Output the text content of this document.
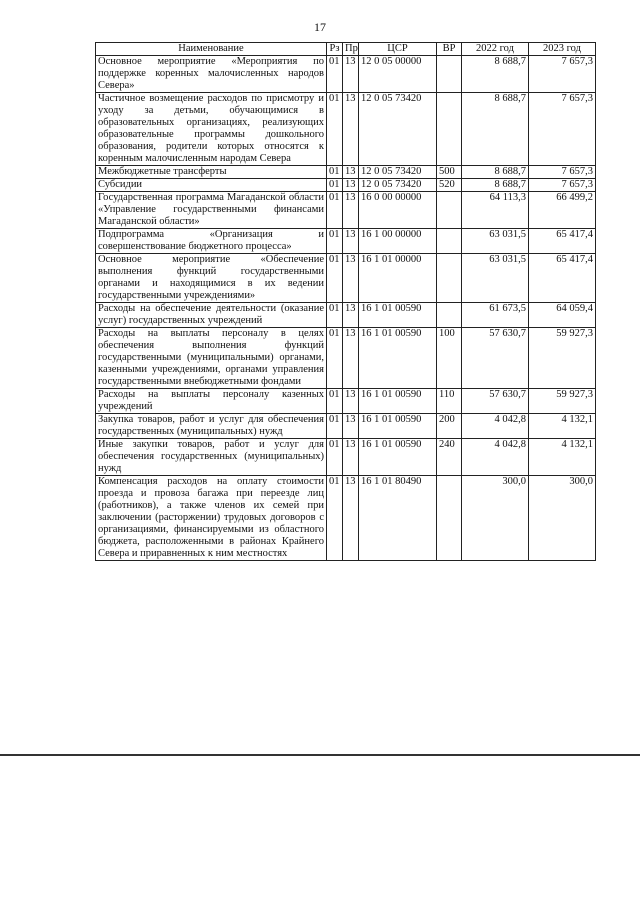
17
Наименование	Рз	Пр	ЦСР	ВР	2022 год	2023 год
Основное мероприятие «Мероприятия по поддержке коренных малочисленных народов Севера»	01	13	12 0 05 00000		8 688,7	7 657,3
Частичное возмещение расходов по присмотру и уходу за детьми, обучающимися в образовательных организациях, реализующих образовательные программы дошкольного образования, родители которых относятся к коренным малочисленным народам Севера	01	13	12 0 05 73420		8 688,7	7 657,3
Межбюджетные трансферты	01	13	12 0 05 73420	500	8 688,7	7 657,3
Субсидии	01	13	12 0 05 73420	520	8 688,7	7 657,3
Государственная программа Магаданской области «Управление государственными финансами Магаданской области»	01	13	16 0 00 00000		64 113,3	66 499,2
Подпрограмма «Организация и совершенствование бюджетного процесса»	01	13	16 1 00 00000		63 031,5	65 417,4
Основное мероприятие «Обеспечение выполнения функций государственными органами и находящимися в их ведении государственными учреждениями»	01	13	16 1 01 00000		63 031,5	65 417,4
Расходы на обеспечение деятельности (оказание услуг) государственных учреждений	01	13	16 1 01 00590		61 673,5	64 059,4
Расходы на выплаты персоналу в целях обеспечения выполнения функций государственными (муниципальными) органами, казенными учреждениями, органами управления государственными внебюджетными фондами	01	13	16 1 01 00590	100	57 630,7	59 927,3
Расходы на выплаты персоналу казенных учреждений	01	13	16 1 01 00590	110	57 630,7	59 927,3
Закупка товаров, работ и услуг для обеспечения государственных (муниципальных) нужд	01	13	16 1 01 00590	200	4 042,8	4 132,1
Иные закупки товаров, работ и услуг для обеспечения государственных (муниципальных) нужд	01	13	16 1 01 00590	240	4 042,8	4 132,1
Компенсация расходов на оплату стоимости проезда и провоза багажа при переезде лиц (работников), а также членов их семей при заключении (расторжении) трудовых договоров с организациями, финансируемыми из областного бюджета, расположенными в районах Крайнего Севера и приравненных к ним местностях	01	13	16 1 01 80490		300,0	300,0
